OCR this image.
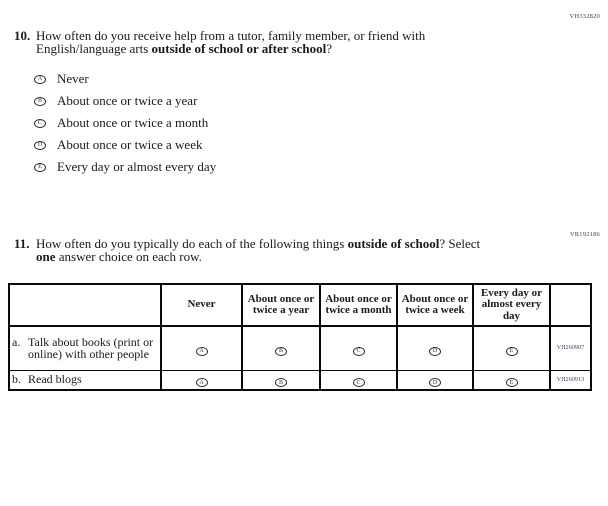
VH332820
10. How often do you receive help from a tutor, family member, or friend with
English/language arts outside of school or after school?
A Never
B	About once or twice a year
C	About once or twice a month
D About once or twice a week
E	Every day or almost every day
VR192186
11. How often do you typically do each of the following things outside of school? Select
one answer choice on each row.
	Never	About once or twice a year	About once or twice a month	About once or twice a week	Every day or almost every day	

a. Talk about books (print or online) with other people	A	B	C	D	E	VH260907

b. Read blogs	A	B	C	D	E	VH260913
